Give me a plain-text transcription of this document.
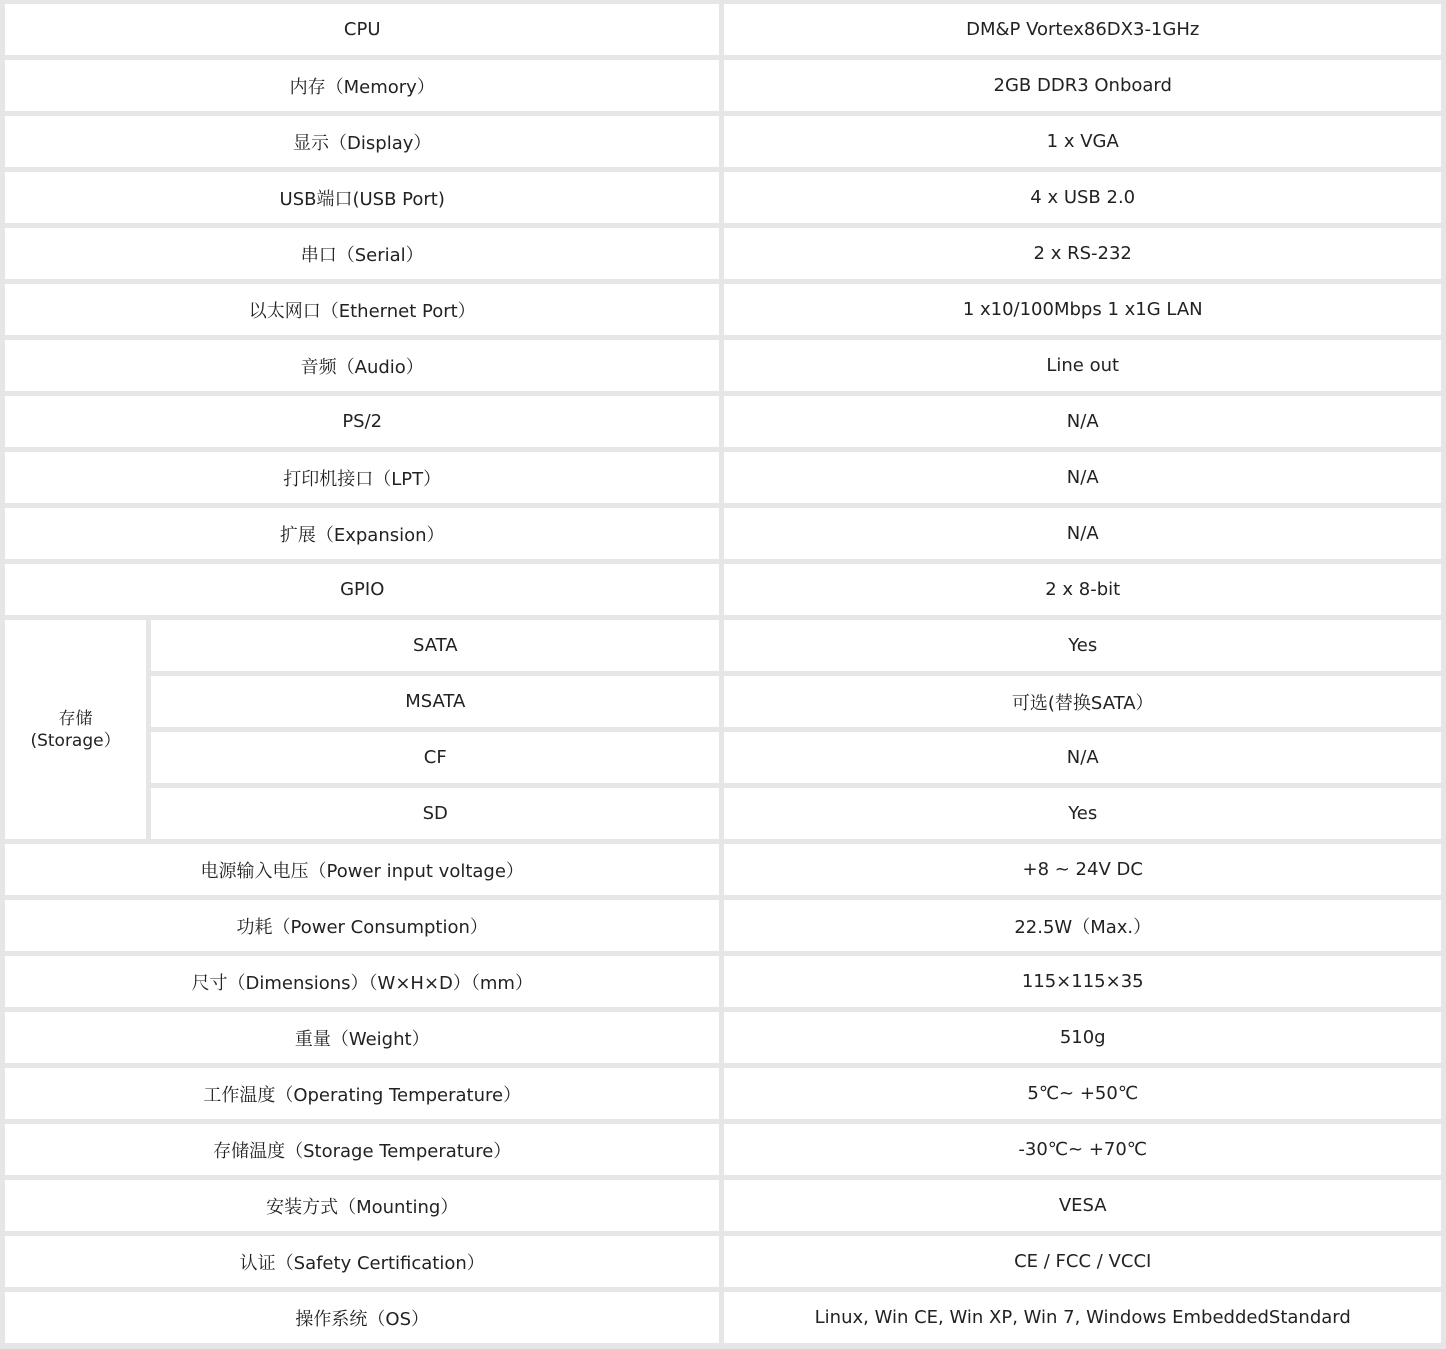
CPU		DM&P Vortex86DX3-1GHz
内存（Memory）		2GB DDR3 Onboard
显示（Display）		1 x VGA
USB端口(USB Port)		4 x USB 2.0
串口（Serial）		2 x RS-232
以太网口（Ethernet Port）		1 x10/100Mbps 1 x1G LAN
音频（Audio）		Line out
PS/2		N/A
打印机接口（LPT）		N/A
扩展（Expansion）		N/A
GPIO		2 x 8-bit
存储
(Storage）	SATA	Yes
	MSATA	可选(替换SATA）
	CF	N/A
	SD	Yes
电源输入电压（Power input voltage）		+8 ~ 24V DC
功耗（Power Consumption）		22.5W（Max.）
尺寸（Dimensions）（W×H×D）（mm）		115×115×35
重量（Weight）		510g
工作温度（Operating Temperature）		5℃~ +50℃
存储温度（Storage Temperature）		-30℃~ +70℃
安装方式（Mounting）		VESA
认证（Safety Certification）		CE / FCC / VCCI
操作系统（OS）		Linux, Win CE, Win XP, Win 7, Windows EmbeddedStandard
